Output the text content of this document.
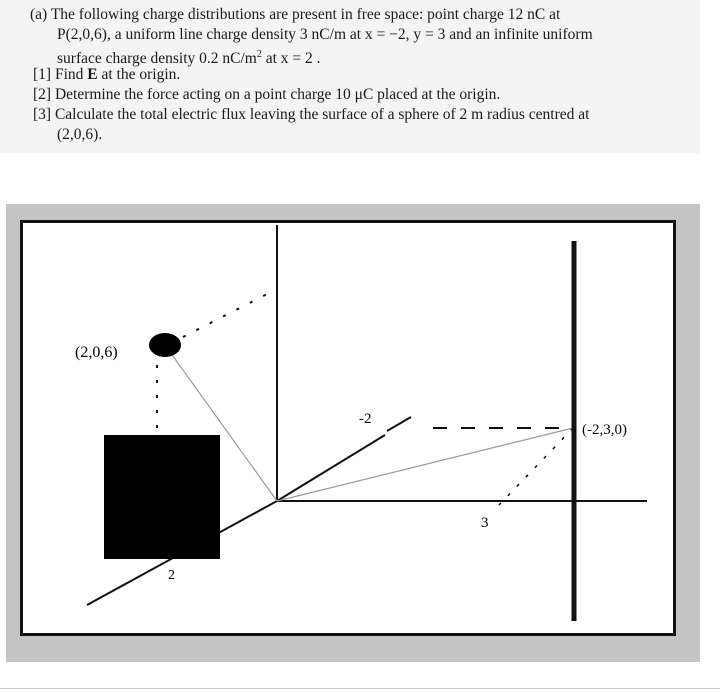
(a) The following charge distributions are present in free space: point charge 12 nC at
P(2,0,6), a uniform line charge density 3 nC/m at x = −2, y = 3 and an infinite uniform
surface charge density 0.2 $nC/m^2$ at x = 2 .
[1] Find E at the origin.
[2] Determine the force acting on a point charge 10 μC placed at the origin.
[3] Calculate the total electric flux leaving the surface of a sphere of 2 m radius centred at
(2,0,6).
-2
3
2
(2,0,6)
(-2,3,0)
